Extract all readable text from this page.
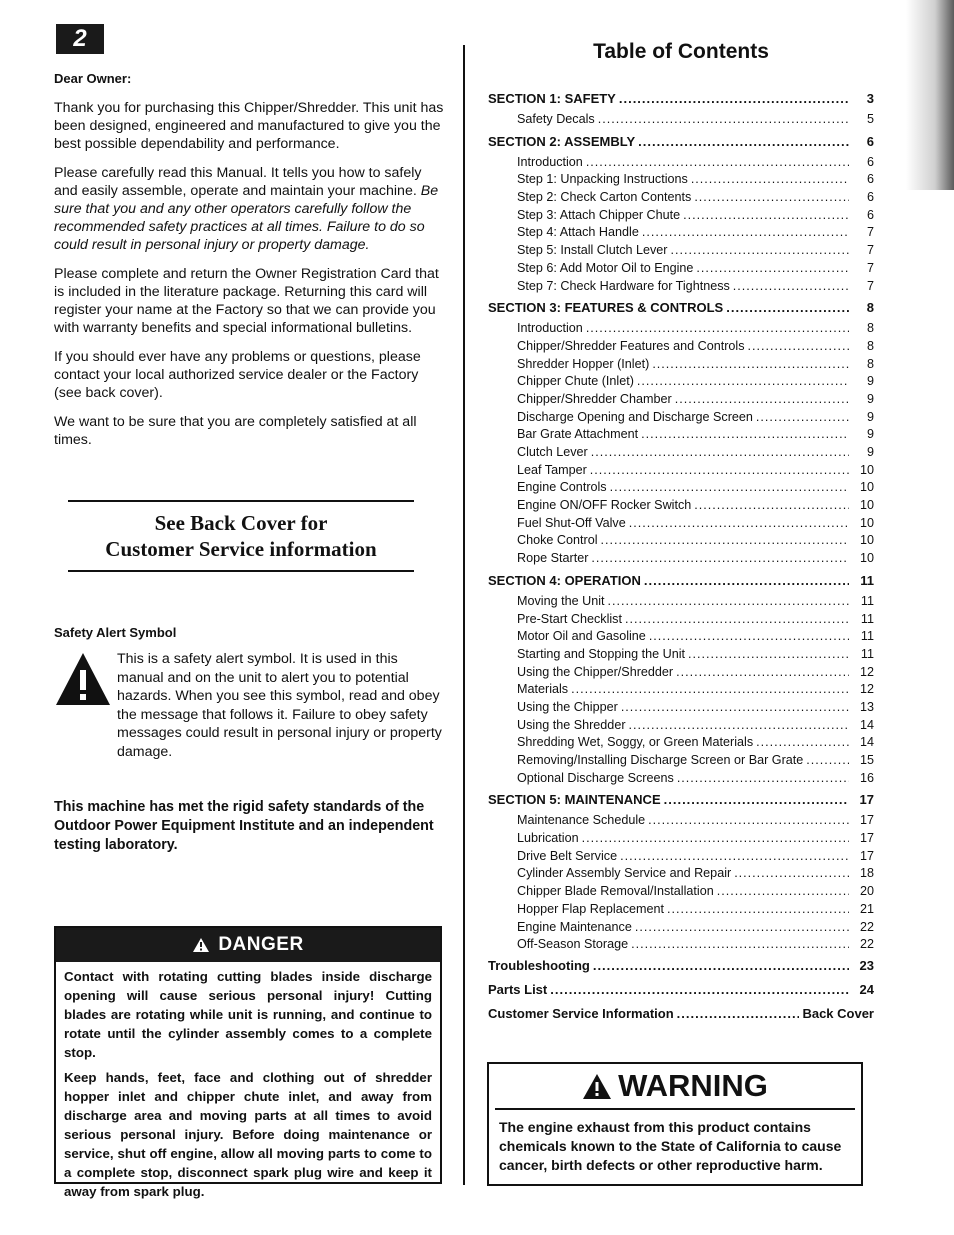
2

Dear Owner:

Thank you for purchasing this Chipper/Shredder. This unit has been designed, engineered and manufactured to give you the best possible dependability and performance.

Please carefully read this Manual. It tells you how to safely and easily assemble, operate and maintain your machine. Be sure that you and any other operators carefully follow the recommended safety practices at all times. Failure to do so could result in personal injury or property damage.

Please complete and return the Owner Registration Card that is included in the literature package. Returning this card will register your name at the Factory so that we can provide you with warranty benefits and special informational bulletins.

If you should ever have any problems or questions, please contact your local authorized service dealer or the Factory (see back cover).

We want to be sure that you are completely satisfied at all times.

See Back Cover for
Customer Service information
Safety Alert Symbol
This is a safety alert symbol. It is used in this manual and on the unit to alert you to potential hazards. When you see this symbol, read and obey the message that follows it. Failure to obey safety messages could result in personal injury or property damage.
This machine has met the rigid safety standards of the Outdoor Power Equipment Institute and an independent testing laboratory.
DANGER

Contact with rotating cutting blades inside discharge opening will cause serious personal injury! Cutting blades are rotating while unit is running, and continue to rotate until the cylinder assembly comes to a complete stop.

Keep hands, feet, face and clothing out of shredder hopper inlet and chipper chute inlet, and away from discharge area and moving parts at all times to avoid serious personal injury. Before doing maintenance or service, shut off engine, allow all moving parts to come to a complete stop, disconnect spark plug wire and keep it away from spark plug.

Table of Contents
SECTION 1: SAFETY .....	3
Safety Decals .....	5
SECTION 2: ASSEMBLY .....	6
Introduction .....	6
Step 1: Unpacking Instructions .....	6
Step 2: Check Carton Contents .....	6
Step 3: Attach Chipper Chute .....	6
Step 4: Attach Handle .....	7
Step 5: Install Clutch Lever .....	7
Step 6: Add Motor Oil to Engine .....	7
Step 7: Check Hardware for Tightness .....	7
SECTION 3: FEATURES & CONTROLS .....	8
Introduction .....	8
Chipper/Shredder Features and Controls .....	8
Shredder Hopper (Inlet) .....	8
Chipper Chute (Inlet) .....	9
Chipper/Shredder Chamber .....	9
Discharge Opening and Discharge Screen .....	9
Bar Grate Attachment .....	9
Clutch Lever .....	9
Leaf Tamper .....	10
Engine Controls .....	10
Engine ON/OFF Rocker Switch .....	10
Fuel Shut-Off Valve .....	10
Choke Control .....	10
Rope Starter .....	10
SECTION 4: OPERATION .....	11
Moving the Unit .....	11
Pre-Start Checklist .....	11
Motor Oil and Gasoline .....	11
Starting and Stopping the Unit .....	11
Using the Chipper/Shredder .....	12
Materials .....	12
Using the Chipper .....	13
Using the Shredder .....	14
Shredding Wet, Soggy, or Green Materials .....	14
Removing/Installing Discharge Screen or Bar Grate .....	15
Optional Discharge Screens .....	16
SECTION 5: MAINTENANCE .....	17
Maintenance Schedule .....	17
Lubrication .....	17
Drive Belt Service .....	17
Cylinder Assembly Service and Repair .....	18
Chipper Blade Removal/Installation .....	20
Hopper Flap Replacement .....	21
Engine Maintenance .....	22
Off-Season Storage .....	22
Troubleshooting .....	23
Parts List .....	24
Customer Service Information .....	Back Cover
WARNING
The engine exhaust from this product contains chemicals known to the State of California to cause cancer, birth defects or other reproductive harm.
